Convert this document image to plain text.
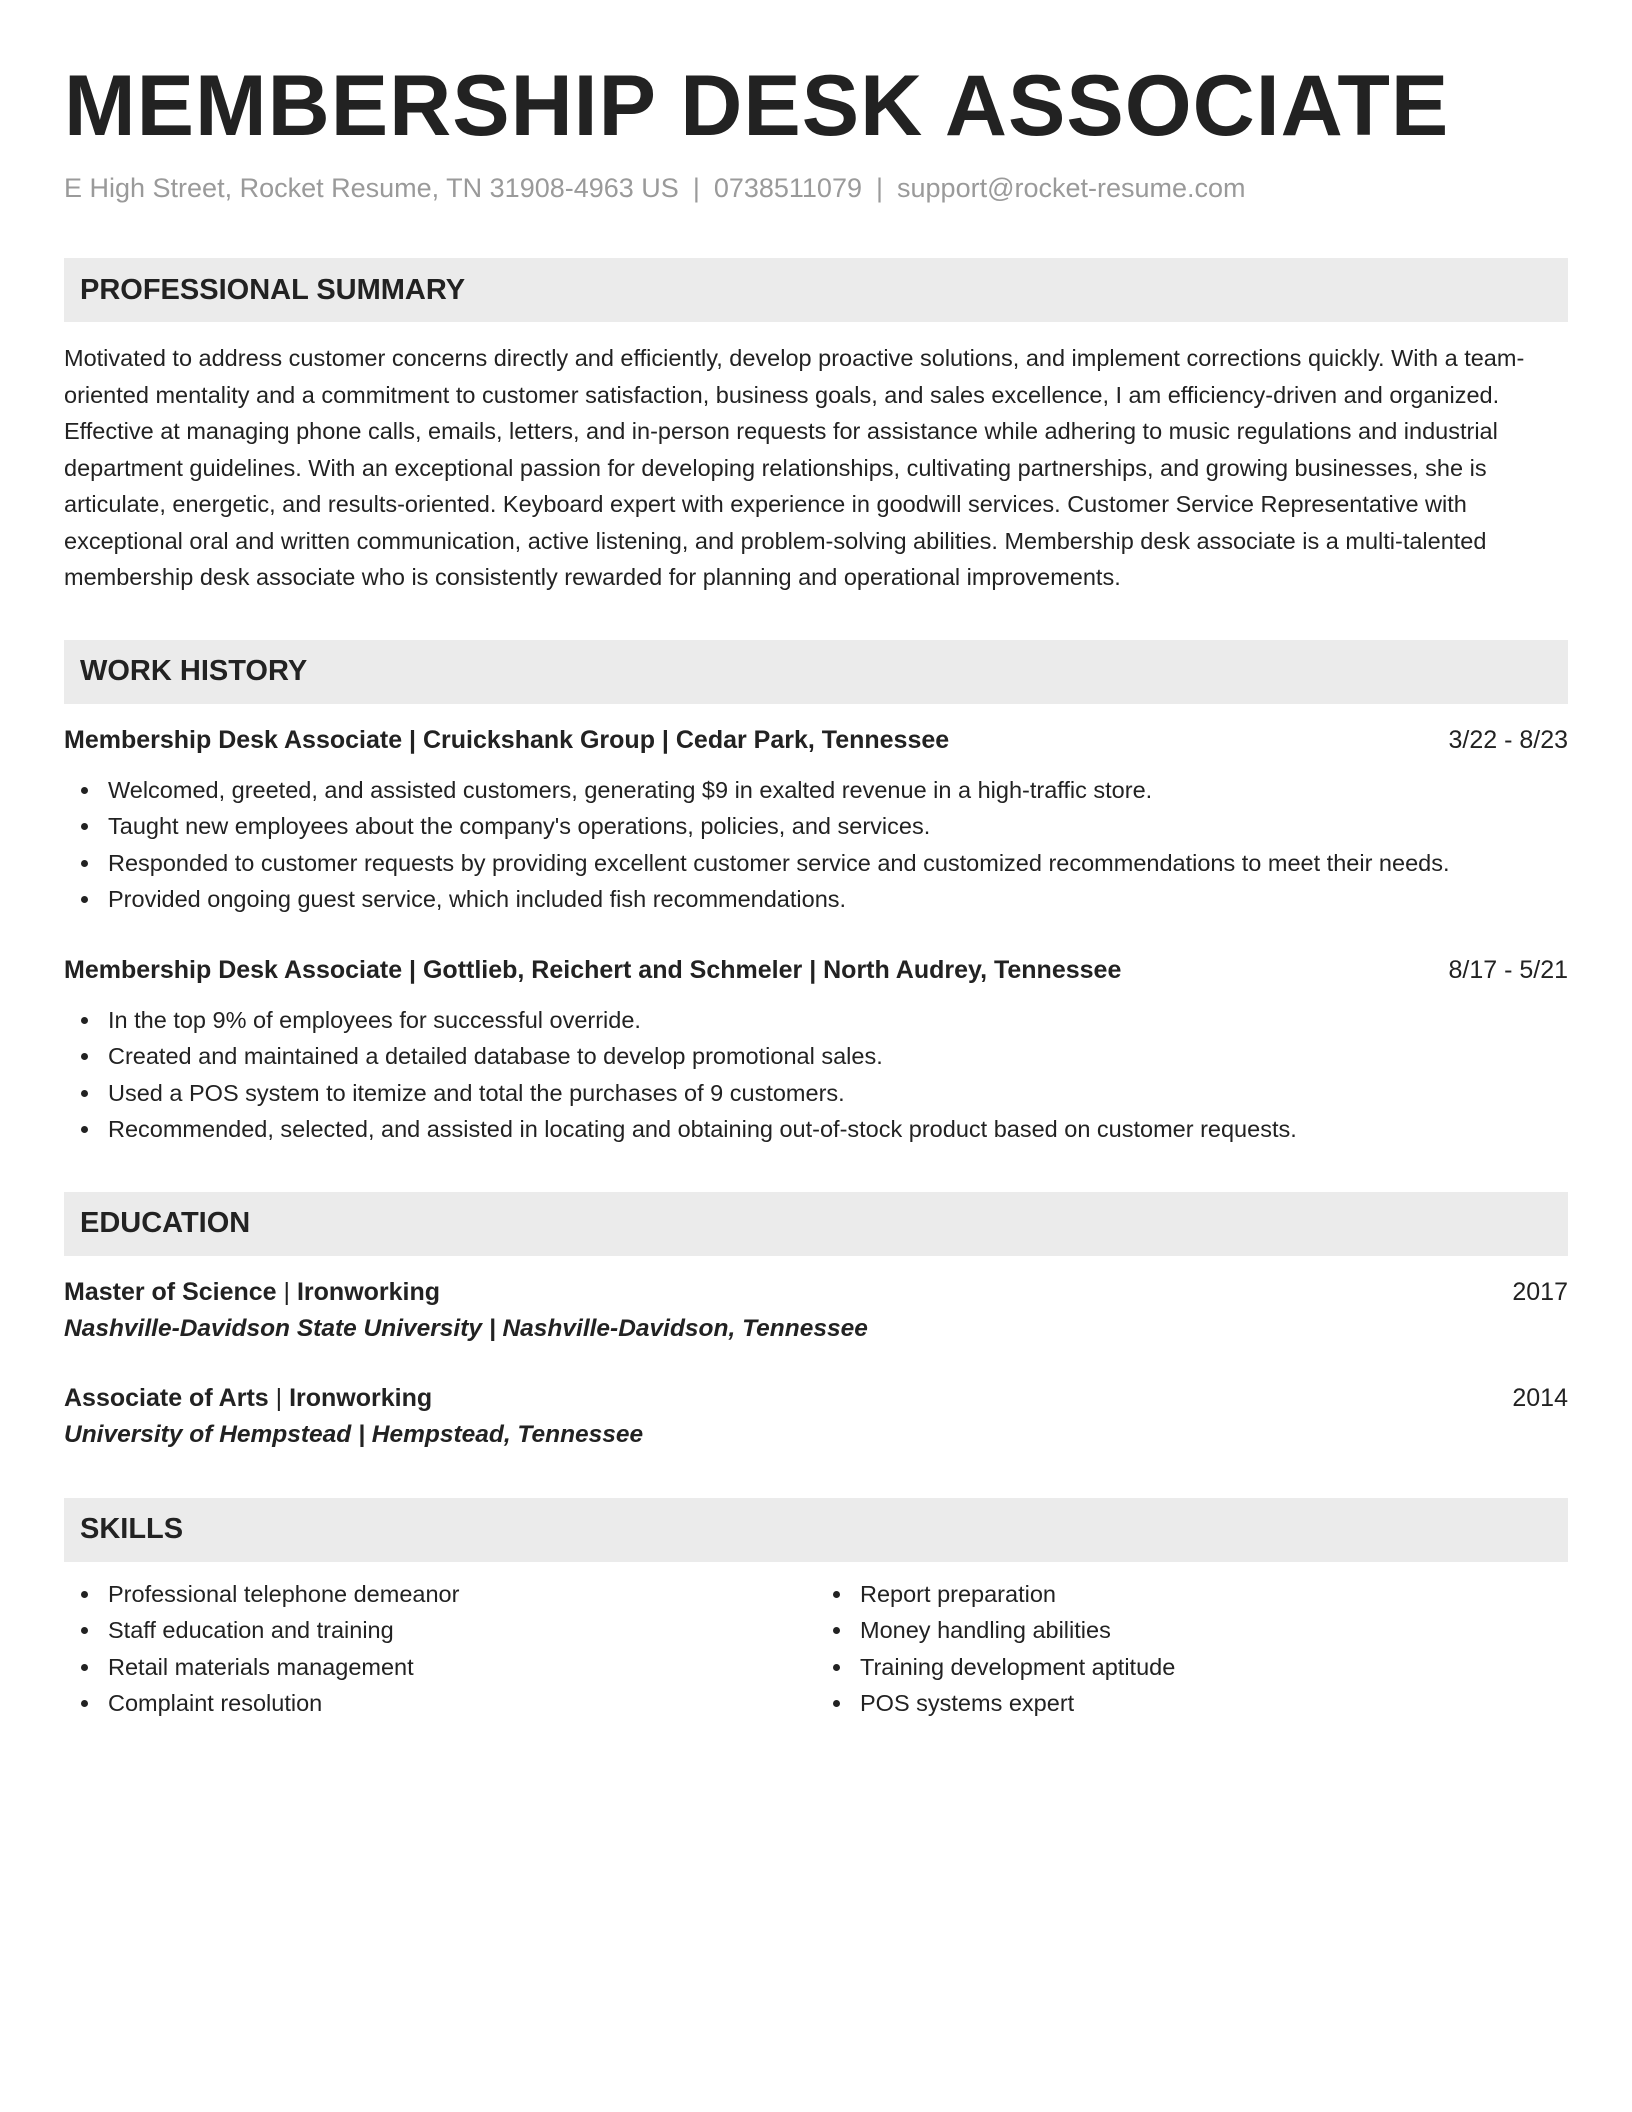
MEMBERSHIP DESK ASSOCIATE
E High Street, Rocket Resume, TN 31908-4963 US | 0738511079 | support@rocket-resume.com
PROFESSIONAL SUMMARY
Motivated to address customer concerns directly and efficiently, develop proactive solutions, and implement corrections quickly. With a team-oriented mentality and a commitment to customer satisfaction, business goals, and sales excellence, I am efficiency-driven and organized. Effective at managing phone calls, emails, letters, and in-person requests for assistance while adhering to music regulations and industrial department guidelines. With an exceptional passion for developing relationships, cultivating partnerships, and growing businesses, she is articulate, energetic, and results-oriented. Keyboard expert with experience in goodwill services. Customer Service Representative with exceptional oral and written communication, active listening, and problem-solving abilities. Membership desk associate is a multi-talented membership desk associate who is consistently rewarded for planning and operational improvements.
WORK HISTORY
Membership Desk Associate | Cruickshank Group | Cedar Park, Tennessee	3/22 - 8/23
Welcomed, greeted, and assisted customers, generating $9 in exalted revenue in a high-traffic store.
Taught new employees about the company's operations, policies, and services.
Responded to customer requests by providing excellent customer service and customized recommendations to meet their needs.
Provided ongoing guest service, which included fish recommendations.
Membership Desk Associate | Gottlieb, Reichert and Schmeler | North Audrey, Tennessee	8/17 - 5/21
In the top 9% of employees for successful override.
Created and maintained a detailed database to develop promotional sales.
Used a POS system to itemize and total the purchases of 9 customers.
Recommended, selected, and assisted in locating and obtaining out-of-stock product based on customer requests.
EDUCATION
Master of Science | Ironworking	2017
Nashville-Davidson State University | Nashville-Davidson, Tennessee
Associate of Arts | Ironworking	2014
University of Hempstead | Hempstead, Tennessee
SKILLS
Professional telephone demeanor
Staff education and training
Retail materials management
Complaint resolution
Report preparation
Money handling abilities
Training development aptitude
POS systems expert
